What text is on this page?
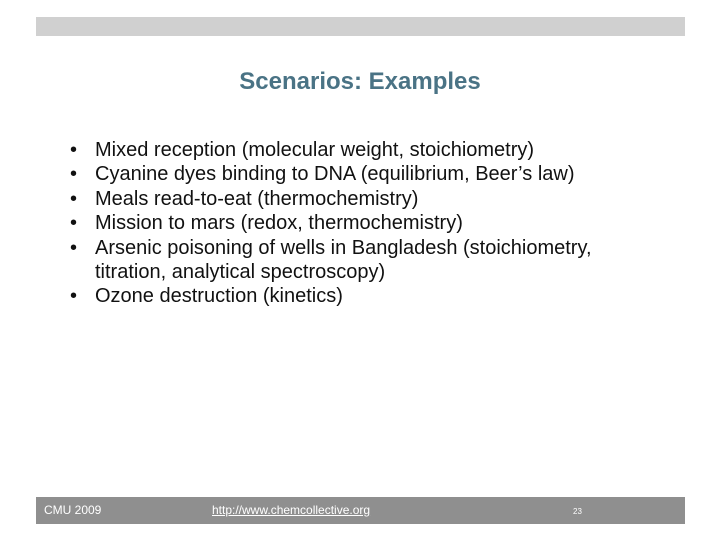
Scenarios: Examples
• Mixed reception (molecular weight, stoichiometry)
• Cyanine dyes binding to DNA (equilibrium, Beer’s law)
• Meals read-to-eat (thermochemistry)
• Mission to mars (redox, thermochemistry)
• Arsenic poisoning of wells in Bangladesh (stoichiometry, titration, analytical spectroscopy)
• Ozone destruction (kinetics)
CMU 2009	http://www.chemcollective.org	23
